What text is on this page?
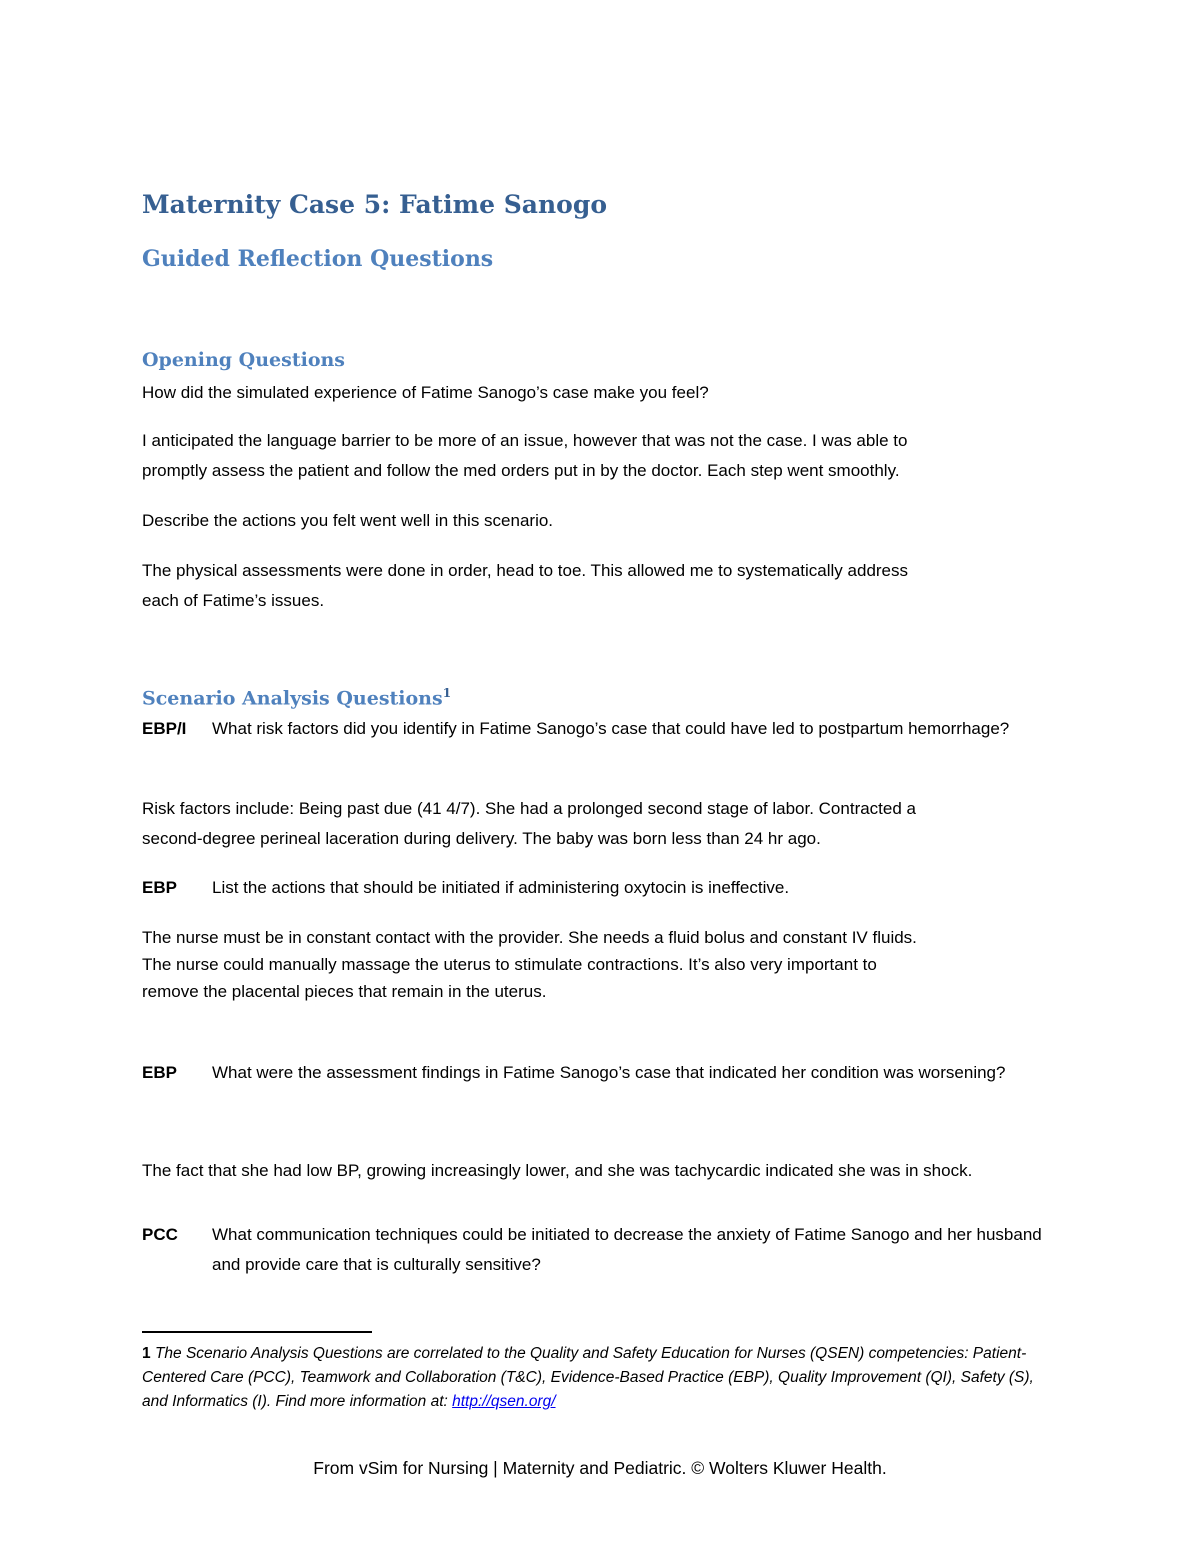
Maternity Case 5: Fatime Sanogo
Guided Reflection Questions
Opening Questions

How did the simulated experience of Fatime Sanogo’s case make you feel?

I anticipated the language barrier to be more of an issue, however that was not the case. I was able to

promptly assess the patient and follow the med orders put in by the doctor. Each step went smoothly.

Describe the actions you felt went well in this scenario.

The physical assessments were done in order, head to toe. This allowed me to systematically address

each of Fatime’s issues.

Scenario Analysis Questions$^1$
EBP/I What risk factors did you identify in Fatime Sanogo’s case that could have led to postpartum hemorrhage?

Risk factors include: Being past due (41 4/7). She had a prolonged second stage of labor. Contracted a

second-degree perineal laceration during delivery. The baby was born less than 24 hr ago.

EBP List the actions that should be initiated if administering oxytocin is ineffective.

The nurse must be in constant contact with the provider. She needs a fluid bolus and constant IV fluids.

The nurse could manually massage the uterus to stimulate contractions. It’s also very important to

remove the placental pieces that remain in the uterus.

EBP What were the assessment findings in Fatime Sanogo’s case that indicated her condition was worsening?

The fact that she had low BP, growing increasingly lower, and she was tachycardic indicated she was in shock.

PCC What communication techniques could be initiated to decrease the anxiety of Fatime Sanogo and her husband and provide care that is culturally sensitive?

1 The Scenario Analysis Questions are correlated to the Quality and Safety Education for Nurses (QSEN) competencies: Patient-Centered Care (PCC), Teamwork and Collaboration (T&C), Evidence-Based Practice (EBP), Quality Improvement (QI), Safety (S), and Informatics (I). Find more information at: http://qsen.org/

From vSim for Nursing | Maternity and Pediatric. © Wolters Kluwer Health.
